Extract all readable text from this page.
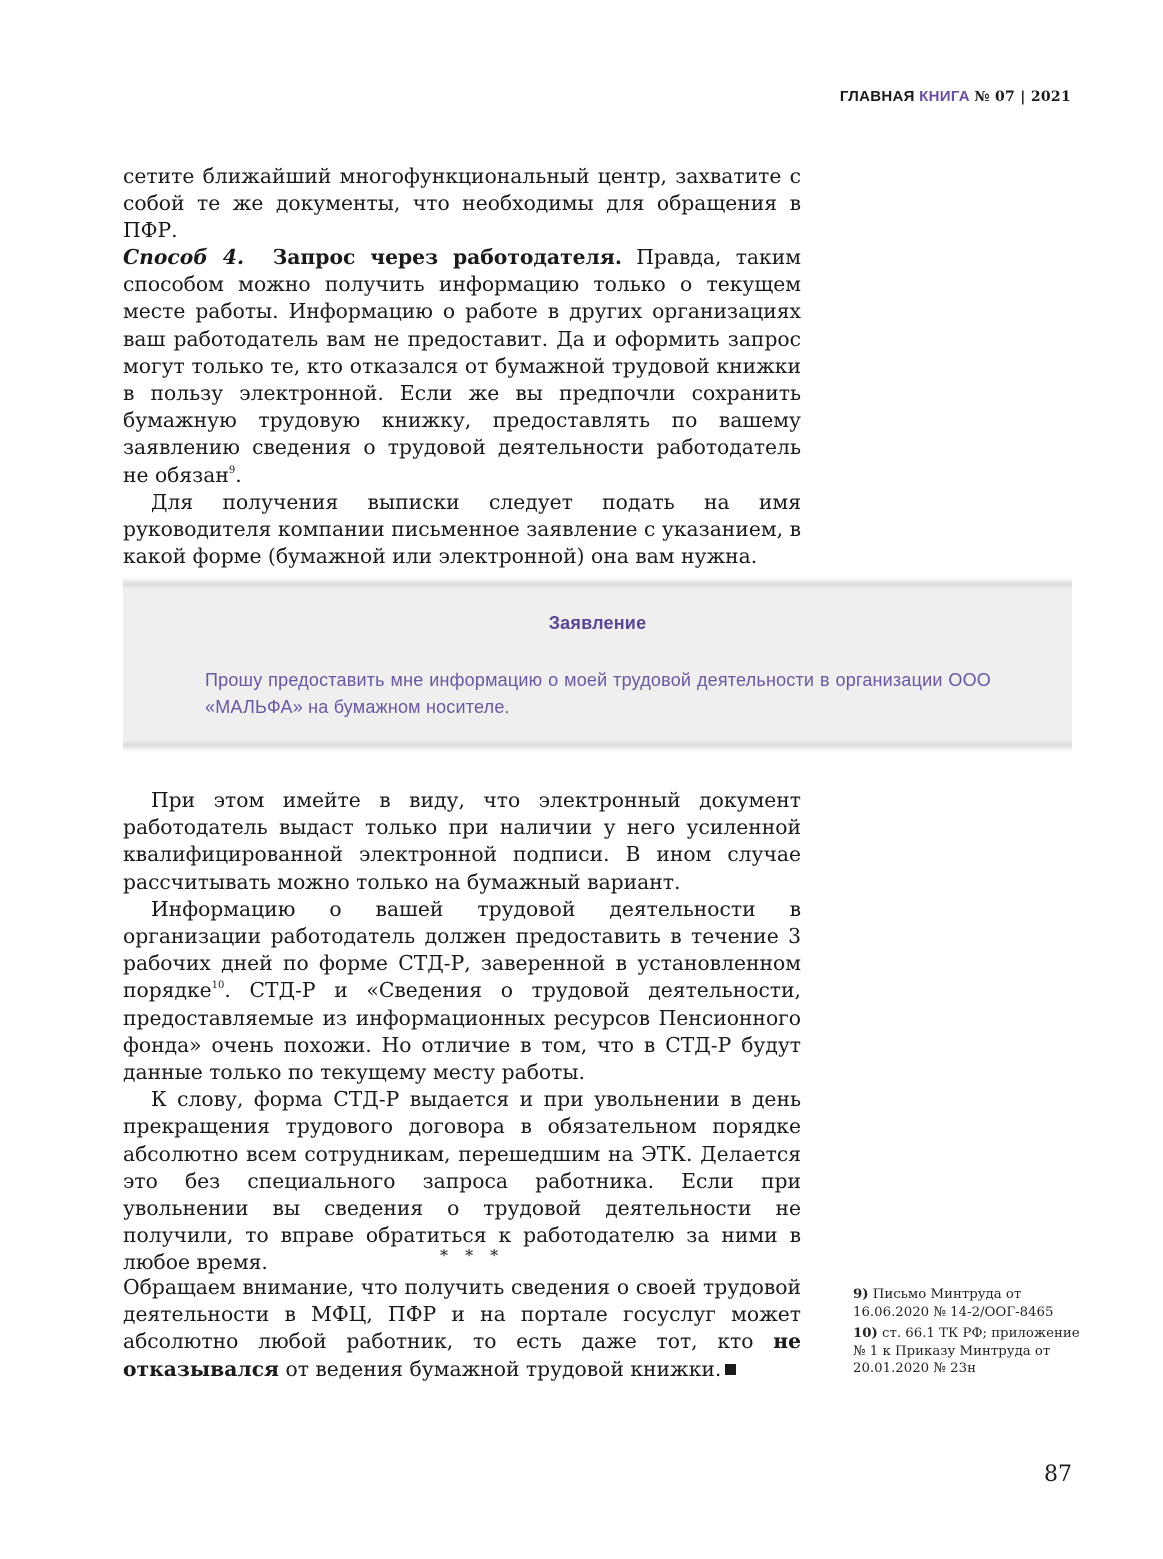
ГЛАВНАЯ КНИГА № 07 | 2021

сетите ближайший многофункциональный центр, захватите с собой те же документы, что необходимы для обращения в ПФР.

Способ 4. Запрос через работодателя. Правда, таким способом можно получить информацию только о текущем месте работы. Информацию о работе в других организациях ваш работодатель вам не предоставит. Да и оформить запрос могут только те, кто отказался от бумажной трудовой книжки в пользу электронной. Если же вы предпочли сохранить бумажную трудовую книжку, предоставлять по вашему заявлению сведения о трудовой деятельности работодатель не обязан$^9$.

Для получения выписки следует подать на имя руководителя компании письменное заявление с указанием, в какой форме (бумажной или электронной) она вам нужна.

Заявление
Прошу предоставить мне информацию о моей трудовой деятельности в организации ООО «МАЛЬФА» на бумажном носителе.

При этом имейте в виду, что электронный документ работодатель выдаст только при наличии у него усиленной квалифицированной электронной подписи. В ином случае рассчитывать можно только на бумажный вариант.

Информацию о вашей трудовой деятельности в организации работодатель должен предоставить в течение 3 рабочих дней по форме СТД-Р, заверенной в установленном порядке$^{10}$. СТД-Р и «Сведения о трудовой деятельности, предоставляемые из информационных ресурсов Пенсионного фонда» очень похожи. Но отличие в том, что в СТД-Р будут данные только по текущему месту работы.

К слову, форма СТД-Р выдается и при увольнении в день прекращения трудового договора в обязательном порядке абсолютно всем сотрудникам, перешедшим на ЭТК. Делается это без специального запроса работника. Если при увольнении вы сведения о трудовой деятельности не получили, то вправе обратиться к работодателю за ними в любое время.	* * *

Обращаем внимание, что получить сведения о своей трудовой деятельности в МФЦ, ПФР и на портале госуслуг может абсолютно любой работник, то есть даже тот, кто не отказывался от ведения бумажной трудовой книжки.

9) Письмо Минтруда от 16.06.2020 № 14-2/ООГ-8465

10) ст. 66.1 ТК РФ; приложение № 1 к Приказу Минтруда от 20.01.2020 № 23н

87
